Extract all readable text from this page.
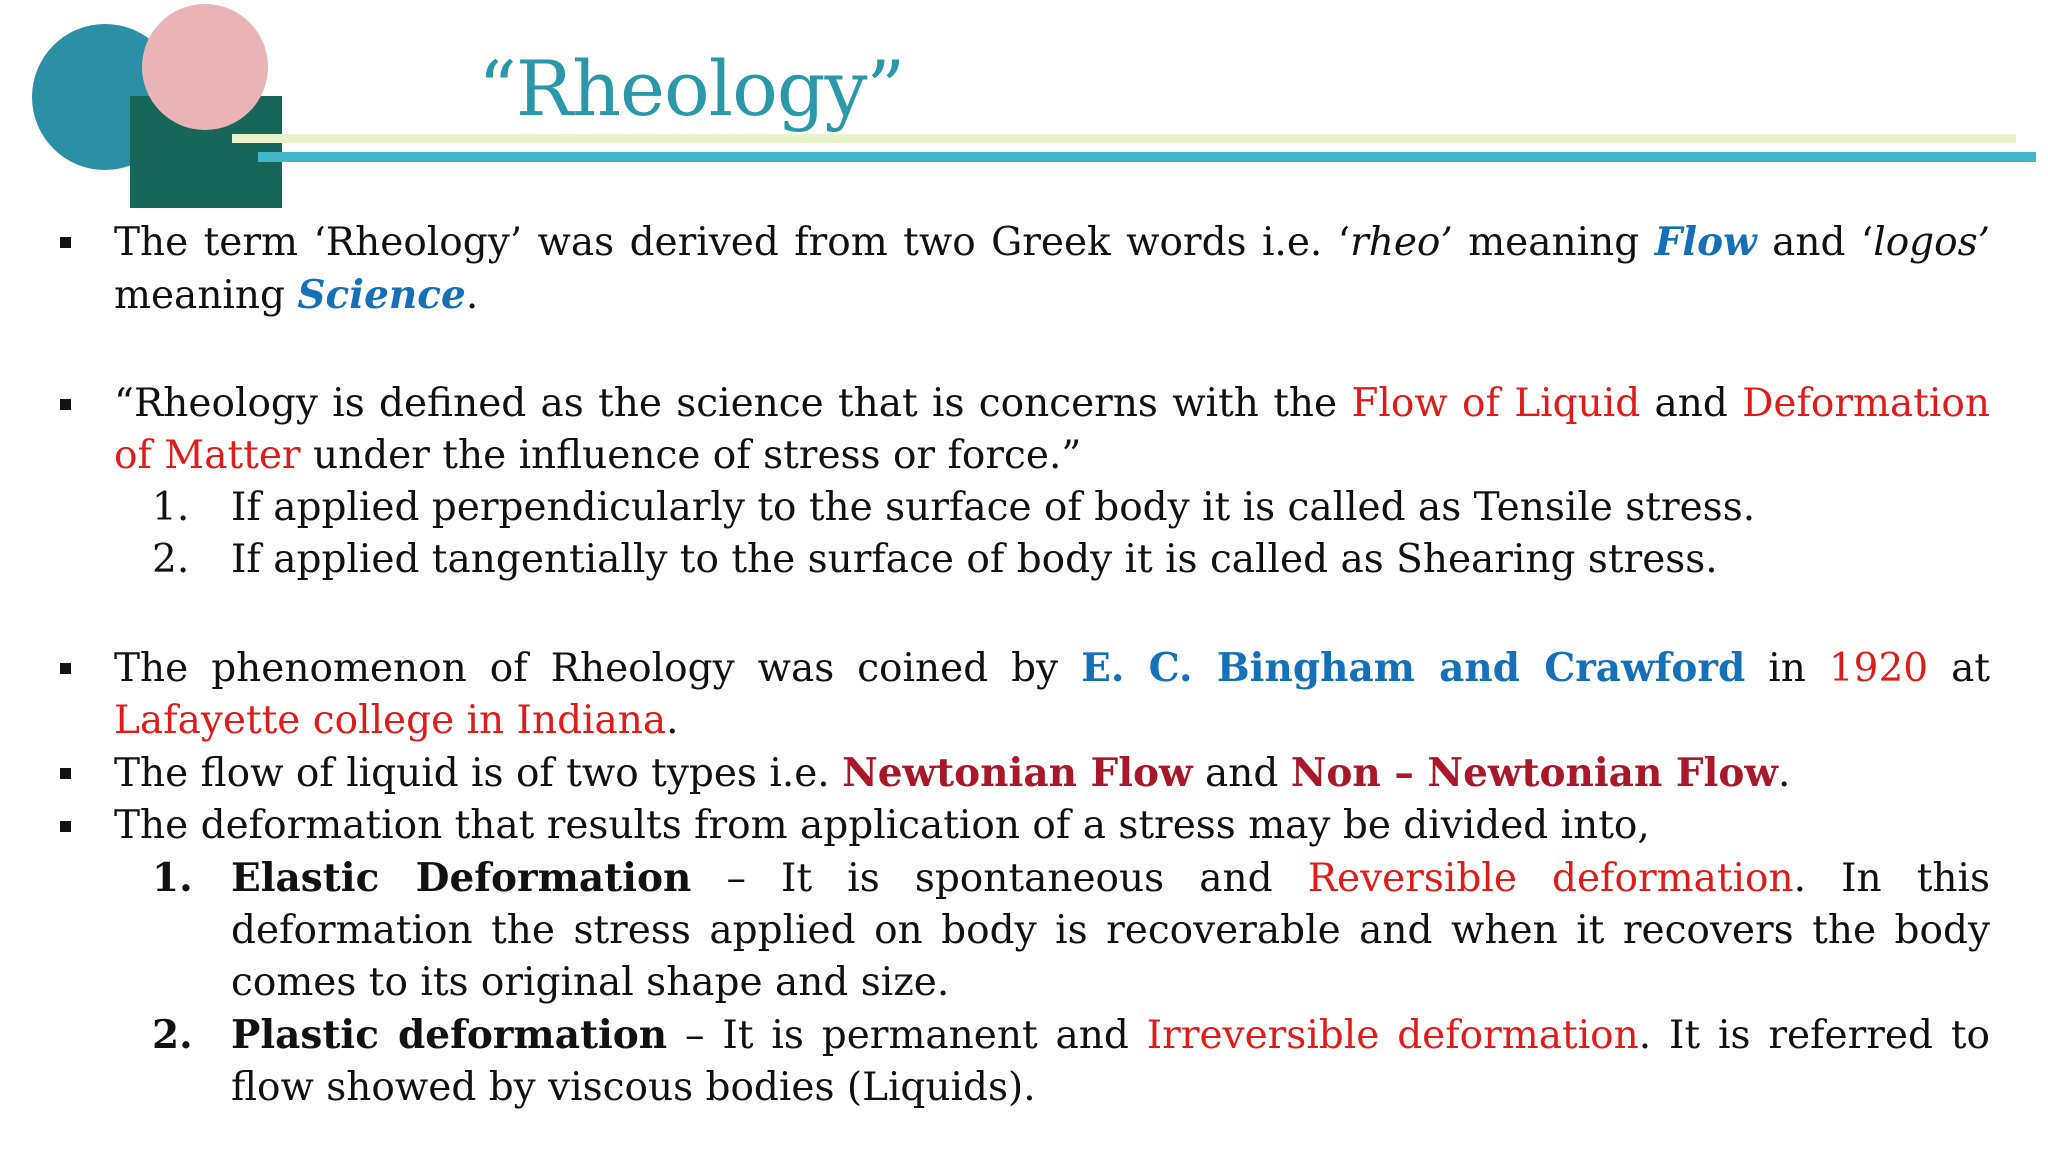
“Rheology”
The term ‘Rheology’ was derived from two Greek words i.e. ‘rheo’ meaning Flow and ‘logos’ meaning Science.
“Rheology is defined as the science that is concerns with the Flow of Liquid and Deformation of Matter under the influence of stress or force.”
1. If applied perpendicularly to the surface of body it is called as Tensile stress.
2. If applied tangentially to the surface of body it is called as Shearing stress.
The phenomenon of Rheology was coined by E. C. Bingham and Crawford in 1920 at Lafayette college in Indiana.
The flow of liquid is of two types i.e. Newtonian Flow and Non – Newtonian Flow.
The deformation that results from application of a stress may be divided into,
1. Elastic Deformation – It is spontaneous and Reversible deformation. In this deformation the stress applied on body is recoverable and when it recovers the body comes to its original shape and size.
2. Plastic deformation – It is permanent and Irreversible deformation. It is referred to flow showed by viscous bodies (Liquids).
